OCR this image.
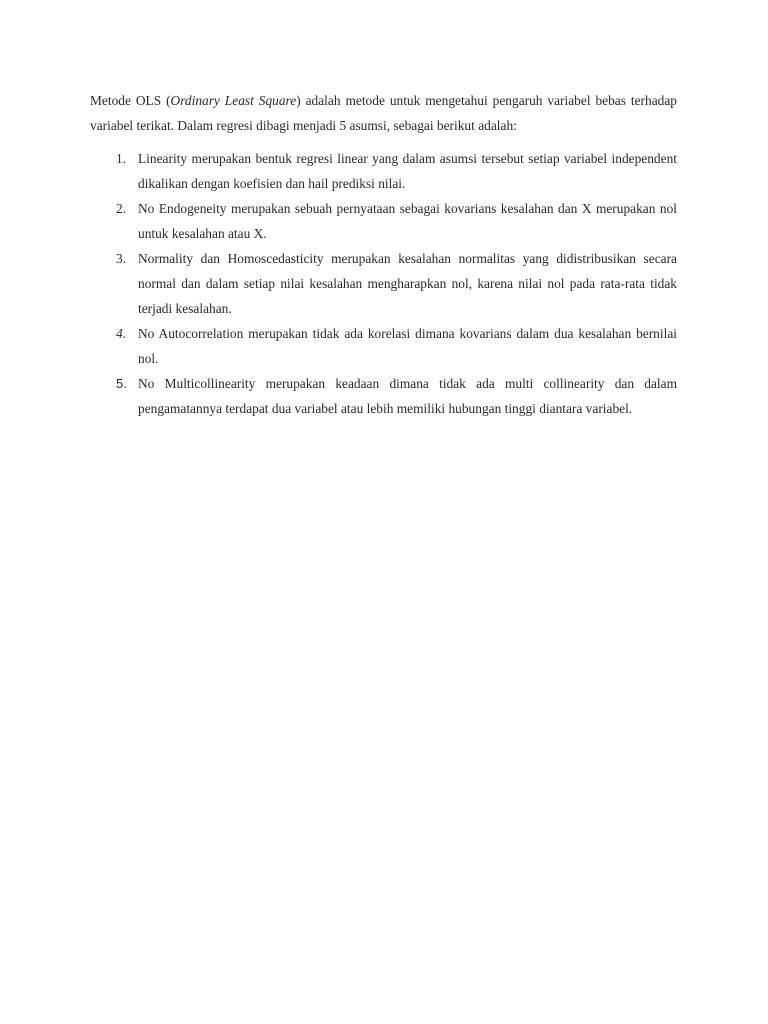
Metode OLS (Ordinary Least Square) adalah metode untuk mengetahui pengaruh variabel bebas terhadap variabel terikat. Dalam regresi dibagi menjadi 5 asumsi, sebagai berikut adalah:

1. Linearity merupakan bentuk regresi linear yang dalam asumsi tersebut setiap variabel independent dikalikan dengan koefisien dan hail prediksi nilai.
2. No Endogeneity merupakan sebuah pernyataan sebagai kovarians kesalahan dan X merupakan nol untuk kesalahan atau X.
3. Normality dan Homoscedasticity merupakan kesalahan normalitas yang didistribusikan secara normal dan dalam setiap nilai kesalahan mengharapkan nol, karena nilai nol pada rata-rata tidak terjadi kesalahan.
4. No Autocorrelation merupakan tidak ada korelasi dimana kovarians dalam dua kesalahan bernilai nol.
5. No Multicollinearity merupakan keadaan dimana tidak ada multi collinearity dan dalam pengamatannya terdapat dua variabel atau lebih memiliki hubungan tinggi diantara variabel.
